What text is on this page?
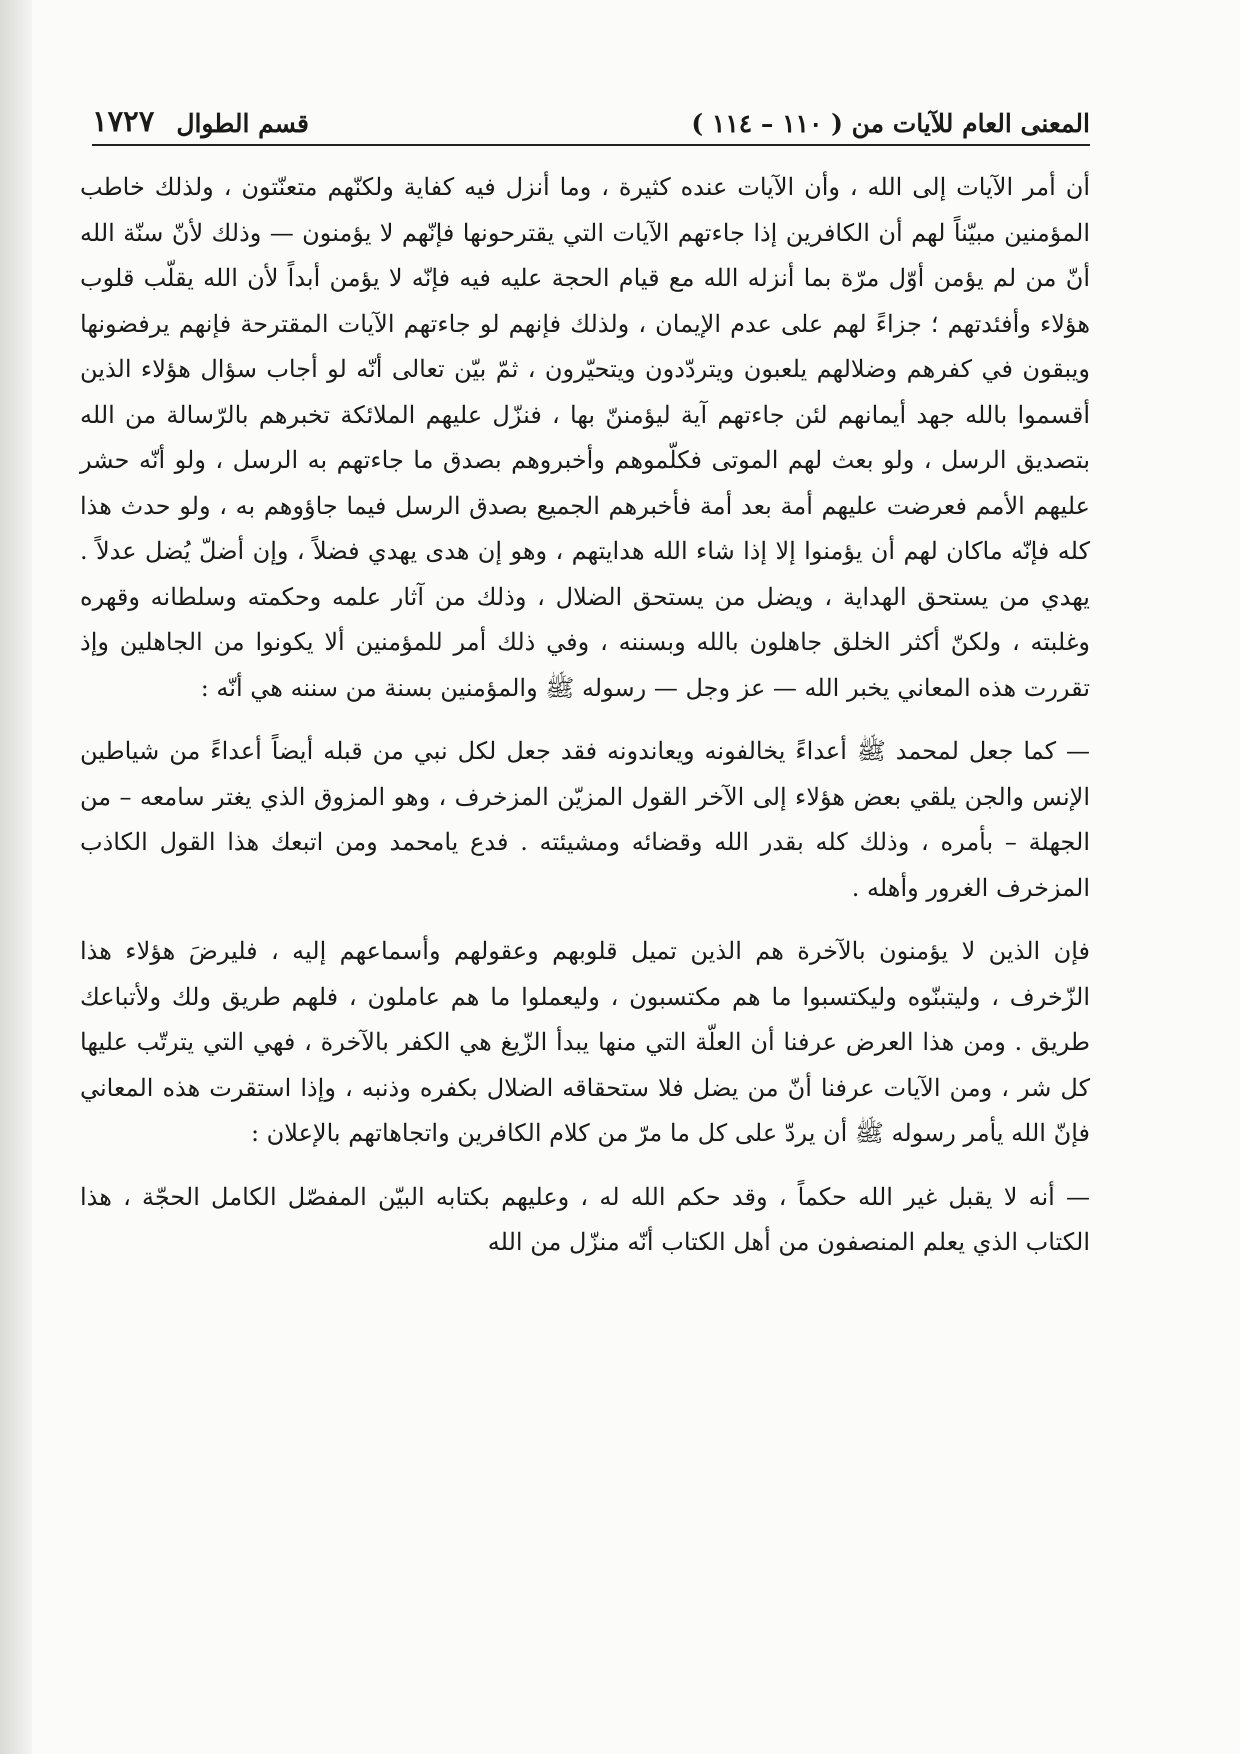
المعنى العام للآيات من ( ١١٠ – ١١٤ )
قسم الطوال
١٧٢٧

أن أمر الآيات إلى الله ، وأن الآيات عنده كثيرة ، وما أنزل فيه كفاية ولكنّهم متعنّتون ، ولذلك خاطب المؤمنين مبيّناً لهم أن الكافرين إذا جاءتهم الآيات التي يقترحونها فإنّهم لا يؤمنون — وذلك لأنّ سنّة الله أنّ من لم يؤمن أوّل مرّة بما أنزله الله مع قيام الحجة عليه فيه فإنّه لا يؤمن أبداً لأن الله يقلّب قلوب هؤلاء وأفئدتهم ؛ جزاءً لهم على عدم الإيمان ، ولذلك فإنهم لو جاءتهم الآيات المقترحة فإنهم يرفضونها ويبقون في كفرهم وضلالهم يلعبون ويتردّدون ويتحيّرون ، ثمّ بيّن تعالى أنّه لو أجاب سؤال هؤلاء الذين أقسموا بالله جهد أيمانهم لئن جاءتهم آية ليؤمننّ بها ، فنزّل عليهم الملائكة تخبرهم بالرّسالة من الله بتصديق الرسل ، ولو بعث لهم الموتى فكلّموهم وأخبروهم بصدق ما جاءتهم به الرسل ، ولو أنّه حشر عليهم الأمم فعرضت عليهم أمة بعد أمة فأخبرهم الجميع بصدق الرسل فيما جاؤوهم به ، ولو حدث هذا كله فإنّه ماكان لهم أن يؤمنوا إلا إذا شاء الله هدايتهم ، وهو إن هدى يهدي فضلاً ، وإن أضلّ يُضل عدلاً . يهدي من يستحق الهداية ، ويضل من يستحق الضلال ، وذلك من آثار علمه وحكمته وسلطانه وقهره وغلبته ، ولكنّ أكثر الخلق جاهلون بالله وبسننه ، وفي ذلك أمر للمؤمنين ألا يكونوا من الجاهلين وإذ تقررت هذه المعاني يخبر الله — عز وجل — رسوله ﷺ والمؤمنين بسنة من سننه هي أنّه :

— كما جعل لمحمد ﷺ أعداءً يخالفونه ويعاندونه فقد جعل لكل نبي من قبله أيضاً أعداءً من شياطين الإنس والجن يلقي بعض هؤلاء إلى الآخر القول المزيّن المزخرف ، وهو المزوق الذي يغتر سامعه – من الجهلة – بأمره ، وذلك كله بقدر الله وقضائه ومشيئته . فدع يامحمد ومن اتبعك هذا القول الكاذب المزخرف الغرور وأهله .

فإن الذين لا يؤمنون بالآخرة هم الذين تميل قلوبهم وعقولهم وأسماعهم إليه ، فليرضَ هؤلاء هذا الزّخرف ، وليتبنّوه وليكتسبوا ما هم مكتسبون ، وليعملوا ما هم عاملون ، فلهم طريق ولك ولأتباعك طريق . ومن هذا العرض عرفنا أن العلّة التي منها يبدأ الزّيغ هي الكفر بالآخرة ، فهي التي يترتّب عليها كل شر ، ومن الآيات عرفنا أنّ من يضل فلا ستحقاقه الضلال بكفره وذنبه ، وإذا استقرت هذه المعاني فإنّ الله يأمر رسوله ﷺ أن يردّ على كل ما مرّ من كلام الكافرين واتجاهاتهم بالإعلان :

— أنه لا يقبل غير الله حكماً ، وقد حكم الله له ، وعليهم بكتابه البيّن المفصّل الكامل الحجّة ، هذا الكتاب الذي يعلم المنصفون من أهل الكتاب أنّه منزّل من الله
